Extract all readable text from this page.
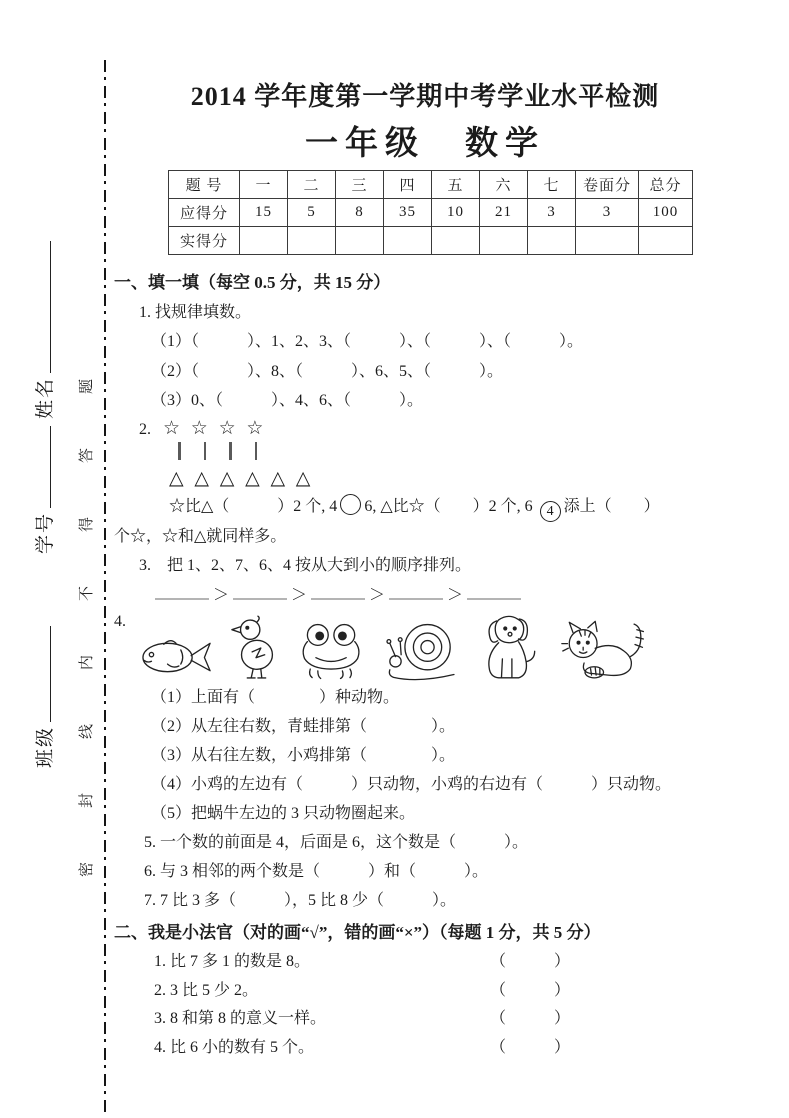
姓名
学号
班级 密封线内不得答题
2014 学年度第一学期中考学业水平检测
一年级　数学
题 号	一	二	三	四	五	六	七	卷面分	总分
应得分	15	5	8	35	10	21	3	3	100
实得分									
一、填一填（每空 0.5 分，共 15 分）
1. 找规律填数。
（1）（　　　）、1、2、3、（　　　）、（　　　）、（　　　）。
（2）（　　　）、8、（　　　）、6、5、（　　　）。
（3）0、（　　　）、4、6、（　　　）。
2. ☆ ☆ ☆ ☆

△ △ △ △ △ △
☆比△（　　　）2 个, 4 6, △比☆（　　）2 个, 6 4 添上（　　）
个☆，☆和△就同样多。
3.　把 1、2、7、6、4 按从大到小的顺序排列。
＞	＞	＞	＞
4.
（1）上面有（　　　　）种动物。
（2）从左往右数，青蛙排第（　　　　）。
（3）从右往左数，小鸡排第（　　　　）。
（4）小鸡的左边有（　　　）只动物，小鸡的右边有（　　　）只动物。
（5）把蜗牛左边的 3 只动物圈起来。
5. 一个数的前面是 4，后面是 6，这个数是（　　　）。
6. 与 3 相邻的两个数是（　　　）和（　　　）。
7. 7 比 3 多（　　　），5 比 8 少（　　　）。
二、我是小法官（对的画“√”，错的画“×”）（每题 1 分，共 5 分）
1. 比 7 多 1 的数是 8。	（　　　）
2. 3 比 5 少 2。	（　　　）
3. 8 和第 8 的意义一样。	（　　　）
4. 比 6 小的数有 5 个。	（　　　）
